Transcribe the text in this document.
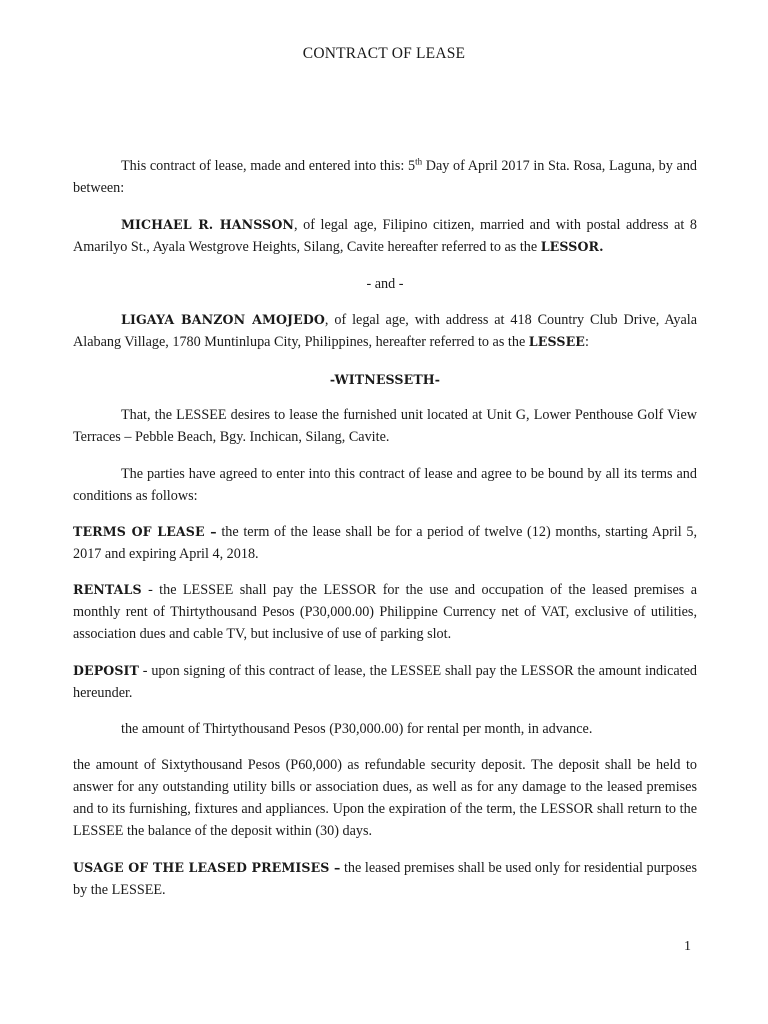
CONTRACT OF LEASE

This contract of lease, made and entered into this: 5th Day of April 2017 in Sta. Rosa, Laguna, by and between:

MICHAEL R. HANSSON, of legal age, Filipino citizen, married and with postal address at 8 Amarilyo St., Ayala Westgrove Heights, Silang, Cavite hereafter referred to as the LESSOR.

- and -

LIGAYA BANZON AMOJEDO, of legal age, with address at 418 Country Club Drive, Ayala Alabang Village, 1780 Muntinlupa City, Philippines, hereafter referred to as the LESSEE:

-WITNESSETH-

That, the LESSEE desires to lease the furnished unit located at Unit G, Lower Penthouse Golf View Terraces – Pebble Beach, Bgy. Inchican, Silang, Cavite.

The parties have agreed to enter into this contract of lease and agree to be bound by all its terms and conditions as follows:

TERMS OF LEASE – the term of the lease shall be for a period of twelve (12) months, starting April 5, 2017 and expiring April 4, 2018.

RENTALS - the LESSEE shall pay the LESSOR for the use and occupation of the leased premises a monthly rent of Thirtythousand Pesos (P30,000.00) Philippine Currency net of VAT, exclusive of utilities, association dues and cable TV, but inclusive of use of parking slot.

DEPOSIT - upon signing of this contract of lease, the LESSEE shall pay the LESSOR the amount indicated hereunder.

the amount of Thirtythousand Pesos (P30,000.00) for rental per month, in advance.

the amount of Sixtythousand Pesos (P60,000) as refundable security deposit. The deposit shall be held to answer for any outstanding utility bills or association dues, as well as for any damage to the leased premises and to its furnishing, fixtures and appliances. Upon the expiration of the term, the LESSOR shall return to the LESSEE the balance of the deposit within (30) days.

USAGE OF THE LEASED PREMISES – the leased premises shall be used only for residential purposes by the LESSEE.

1
